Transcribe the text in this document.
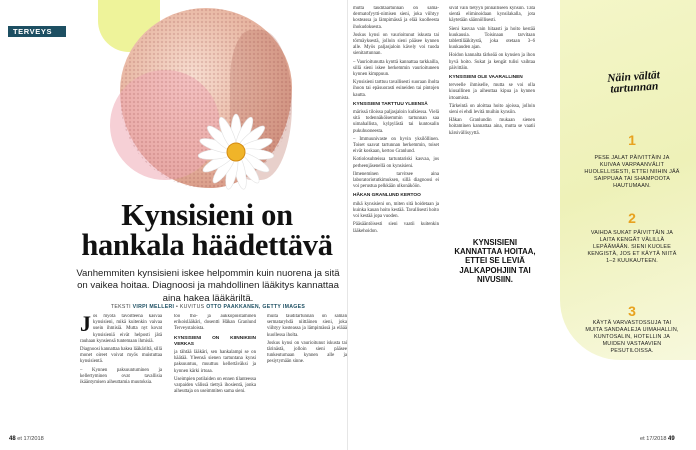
TERVEYS
Kynsisieni on
hankala häädettävä

Vanhemmiten kynsisieni iskee helpommin kuin nuorena ja sitä on vaikea hoitaa. Diagnoosi ja mahdollinen lääkitys kannattaa aina hakea lääkäriltä.

TEKSTI VIRPI MELLERI • KUVITUS OTTO PAAKKANEN, GETTY IMAGES

Jos myötä tavoitteena kasvaa kynsisieni, mikä kuitenkin vaivaa usein ihmisiä. Mutta nyt kovat kynsisieniä eivät helposti jätä rauhaan kynsiensä tuntemaan ihmisiä.

Diagnoosi kannattaa hakea lääkäriltä, sillä monet oireet voivat myös muistuttaa kynsisientä.

– Kynnen paksuuntuminen ja kellertyminen ovat tavallisia ikääntymisen aiheuttamia muutoksia.

too tho- ja aukkopoistaminen erikoislääkäri, dosentti Håkan Granlund Terveystaloista.

KYNSISIENI ON KIINNIKEIN VERKAS

ja tähtää lääkäri, sen hankalampi se on häätää. Yleensä sienen tartuntana kynsi paksuuntuu, muuttuu kellertäväksi ja kynnen kärki irtoaa.

Useimpien potilaiden on ennen tilanteessa varpaiden välissä tiettyä ihosientä, jonka aiheuttaja on useimmiten sama sieni.

muita tauditartunnan on saman sermataryhdä niittäinen sieni, joka viihtyy kosteassa ja lämpimässä ja eläää kuollessa iholta.

Joskus kynsi on vaurioitunut iskusta tai tärinästä, jolloin sieni pääsee tunkeutumaan kynnen alle ja pesiytymään sinne.

mutta tauditaartunnan on sama- dermatofyytti-nimisen sieni, joka viihtyy kosteassa ja lämpimässä ja elää kuolleesta ihokudoksesta.

Joskus kynsi on vaurioitunut iskusta tai törmäyksestä, jolloin sieni pääsee kynnen alle. Myös paljasjaloin kävely voi tuoda sienitartunnan.

– Vaurioitunutta kynttä kannattaa tarkkailla, sillä sieni iskee herkemmin vaurioituneen kynnen kimppuun.

Kynsisieni tarttuu tavallisesti suoraan iholta ihoon tai epäsuorasti esineiden tai pintojen kautta.

KYNSISIENI TARTTUU YLEENSÄ

märissä tiloissa paljasjaloin kulkiessa. Vielä sitä todennäköisemmin tartunnan saa uimahallista, kylpylästä tai kuntosalin pukuhuoneesta.

– Immuunivaste on hyvin yksilöllinen. Toiset saavat tartunnan herkemmin, toiset eivät koskaan, kertoo Granlund.

Kotiolosuhteissa tartuntariski kasvaa, jos perheenjäsenellä on kynsisieni.

Ilmeneminen tarvitsee aina laboratoriotutkimuksen, sillä diagnoosi ei voi perustua pelkkään ulkonäköön.

HÅKAN GRANLUND KERTOO

mikä kynsisieni on, miten sitä hoidetaan ja kuinka kauan hoito kestää. Tavallisesti hoito voi kestää jopa vuoden.

Pääsääntöisesti sieni vaatii kuitenkin lääkehoidon.

sivät vain tietyyn pinnalliseen kynsiin. Tätä sientä eliminoidaan kynsilakalla, jota käytetään säännöllisesti.

Sieni kasvaa vain hitaasti ja hoito kestää kuukausia. Toisinaan tarvitaan tablettilääkitystä, joka otetaan 3–6 kuukauden ajan.

Hoidon kannalta tärkeää on kynsien ja ihon hyvä hoito. Sukat ja kengät tulisi vaihtaa päivittäin.

KYNSISIENI OLE VAARALLINEN

terveelle ihmiselle, mutta se voi olla kiusallinen ja aiheuttaa kipua ja kynnen irtoamista.

Tärkeintä on aloittaa hoito ajoissa, jolloin sieni ei ehdi levitä muihin kynsiin.

Håkan Granlundin mukaan sienen hoitaminen kannattaa aina, mutta se vaatii kärsivällisyyttä.

KYNSISIENI KANNATTAA HOITAA, ETTEI SE LEVIÄ JALKAPOHJIIN TAI NIVUSIIN.
Näin vältät tartunnan
1
PESE JALAT PÄIVITTÄIN JA KUIVAA VARPAANVÄLIТ HUOLELLISESTI, ETTEI NIIHIN JÄÄ SAIPPUAA TAI SHAMPOOTA HAUTUMAAN.
2
VAIHDA SUKAT PÄIVITTÄIN JA LAITA KENGÄT VÄLILLÄ LEPÄÄMÄÄN. SIENI KUOLEE KENGISTÄ, JOS ET KÄYTÄ NIITÄ 1–2 KUUKAUTEEN.
3
KÄYTÄ VARVASTOSSUJA TAI MUITA SANDAALEJA UIMAHALLIN, KUNTOSALIN, HOTELLIN JA MUIDEN VASTAAVIEN PESUTILOISSA.
48 et 17/2018	et 17/2018 49
